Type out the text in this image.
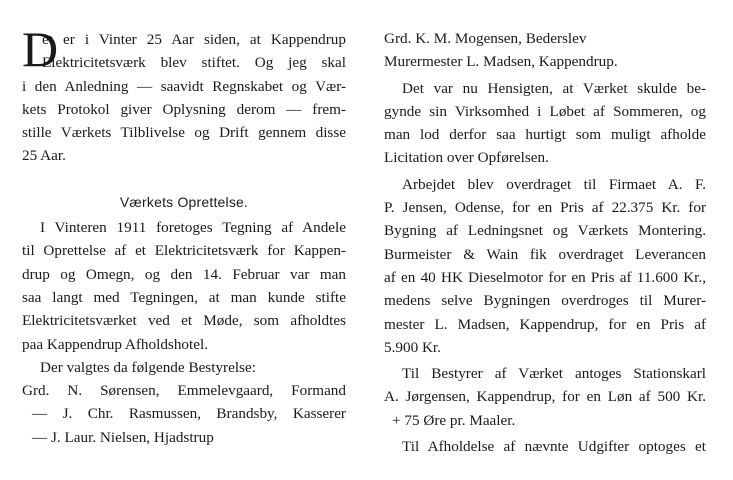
D
et er i Vinter 25 Aar siden, at Kappendrup
Elektricitetsværk blev stiftet. Og jeg skal
i den Anledning — saavidt Regnskabet og Vær-
kets Protokol giver Oplysning derom — frem-
stille Værkets Tilblivelse og Drift gennem disse
25 Aar.
Værkets Oprettelse.
I Vinteren 1911 foretoges Tegning af Andele
til Oprettelse af et Elektricitetsværk for Kappen-
drup og Omegn, og den 14. Februar var man
saa langt med Tegningen, at man kunde stifte
Elektricitetsværket ved et Møde, som afholdtes
paa Kappendrup Afholdshotel.
Der valgtes da følgende Bestyrelse:
Grd. N. Sørensen, Emmelevgaard, Formand
— J. Chr. Rasmussen, Brandsby, Kasserer
— J. Laur. Nielsen, Hjadstrup
Grd. K. M. Mogensen, Bederslev
Murermester L. Madsen, Kappendrup.
Det var nu Hensigten, at Værket skulde be-
gynde sin Virksomhed i Løbet af Sommeren, og
man lod derfor saa hurtigt som muligt afholde
Licitation over Opførelsen.
Arbejdet blev overdraget til Firmaet A. F.
P. Jensen, Odense, for en Pris af 22.375 Kr. for
Bygning af Ledningsnet og Værkets Montering.
Burmeister & Wain fik overdraget Leverancen
af en 40 HK Dieselmotor for en Pris af 11.600 Kr.,
medens selve Bygningen overdroges til Murer-
mester L. Madsen, Kappendrup, for en Pris af
5.900 Kr.
Til Bestyrer af Værket antoges Stationskarl
A. Jørgensen, Kappendrup, for en Løn af 500 Kr.
+ 75 Øre pr. Maaler.
Til Afholdelse af nævnte Udgifter optoges et
